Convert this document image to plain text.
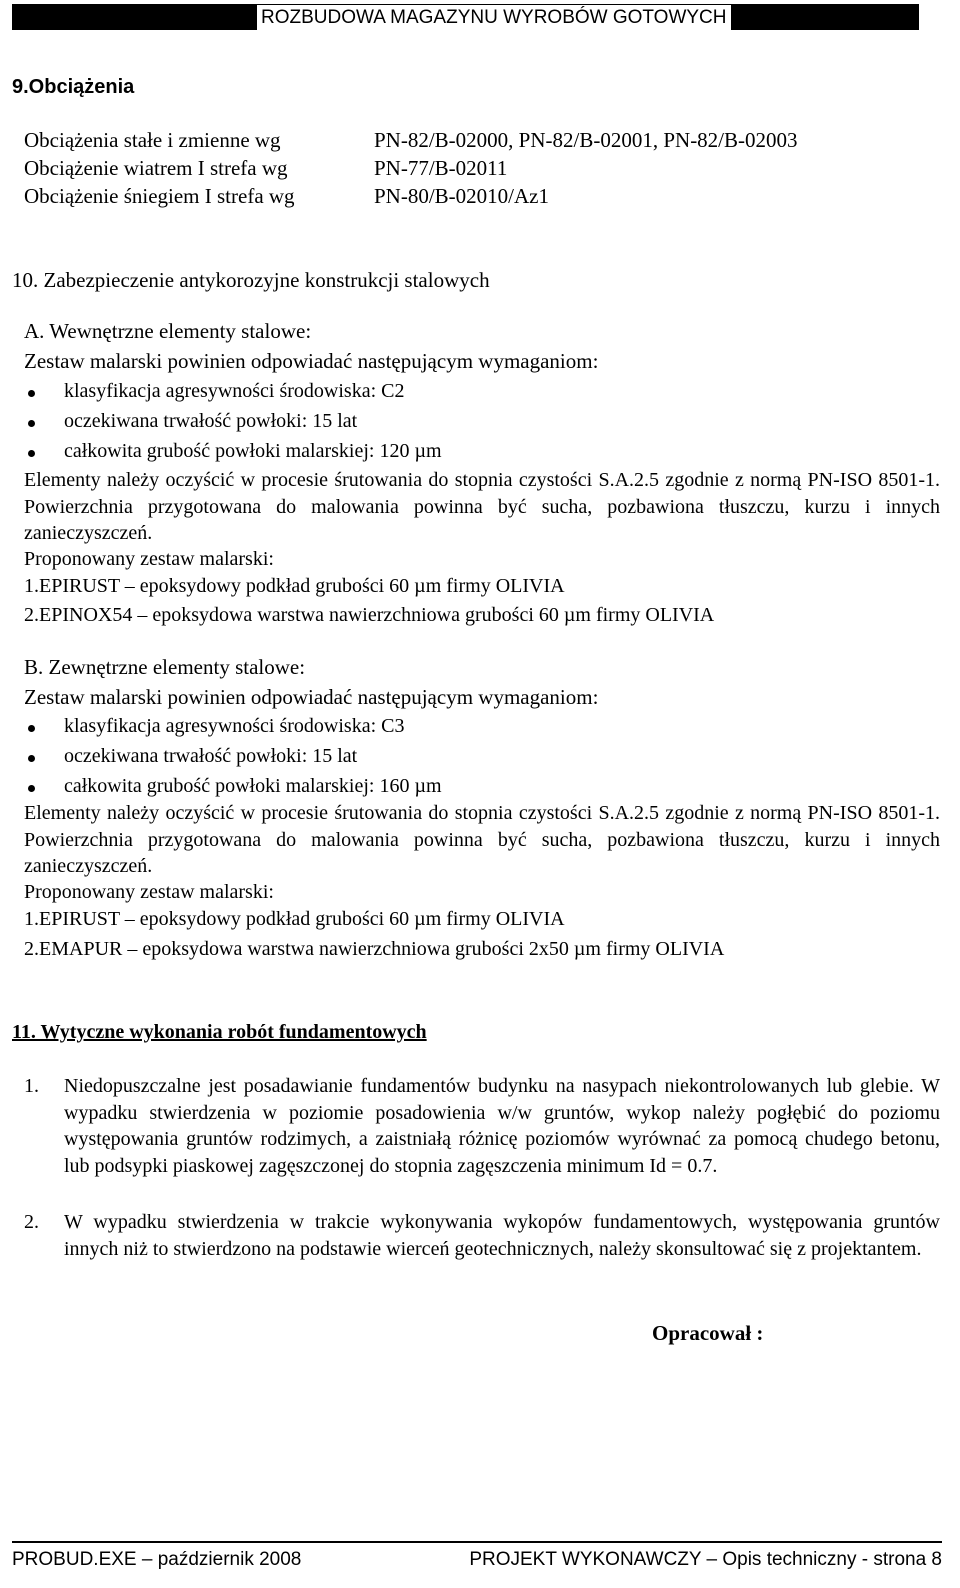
ROZBUDOWA MAGAZYNU WYROBÓW GOTOWYCH
9.Obciążenia
Obciążenia stałe i zmienne wg	PN-82/B-02000, PN-82/B-02001, PN-82/B-02003
Obciążenie wiatrem I strefa wg	PN-77/B-02011
Obciążenie śniegiem I strefa wg	PN-80/B-02010/Az1
10. Zabezpieczenie antykorozyjne konstrukcji stalowych
A. Wewnętrzne elementy stalowe:
Zestaw malarski powinien odpowiadać następującym wymaganiom:
klasyfikacja agresywności środowiska: C2
oczekiwana trwałość powłoki: 15 lat
całkowita grubość powłoki malarskiej: 120 µm
Elementy należy oczyścić w procesie śrutowania do stopnia czystości S.A.2.5 zgodnie z normą PN-ISO 8501-1. Powierzchnia przygotowana do malowania powinna być sucha, pozbawiona tłuszczu, kurzu i innych zanieczyszczeń.
Proponowany zestaw malarski:
1.EPIRUST – epoksydowy podkład grubości 60 µm firmy OLIVIA
2.EPINOX54 – epoksydowa warstwa nawierzchniowa grubości 60 µm firmy OLIVIA
B. Zewnętrzne elementy stalowe:
Zestaw malarski powinien odpowiadać następującym wymaganiom:
klasyfikacja agresywności środowiska: C3
oczekiwana trwałość powłoki: 15 lat
całkowita grubość powłoki malarskiej: 160 µm
Elementy należy oczyścić w procesie śrutowania do stopnia czystości S.A.2.5 zgodnie z normą PN-ISO 8501-1. Powierzchnia przygotowana do malowania powinna być sucha, pozbawiona tłuszczu, kurzu i innych zanieczyszczeń.
Proponowany zestaw malarski:
1.EPIRUST – epoksydowy podkład grubości 60 µm firmy OLIVIA
2.EMAPUR – epoksydowa warstwa nawierzchniowa grubości 2x50 µm firmy OLIVIA
11. Wytyczne wykonania robót fundamentowych
1. Niedopuszczalne jest posadawianie fundamentów budynku na nasypach niekontrolowanych lub glebie. W wypadku stwierdzenia w poziomie posadowienia w/w gruntów, wykop należy pogłębić do poziomu występowania gruntów rodzimych, a zaistniałą różnicę poziomów wyrównać za pomocą chudego betonu, lub podsypki piaskowej zagęszczonej do stopnia zagęszczenia minimum Id = 0.7.
2. W wypadku stwierdzenia w trakcie wykonywania wykopów fundamentowych, występowania gruntów innych niż to stwierdzono na podstawie wierceń geotechnicznych, należy skonsultować się z projektantem.
Opracował :
PROBUD.EXE – październik 2008	PROJEKT WYKONAWCZY – Opis techniczny - strona 8
